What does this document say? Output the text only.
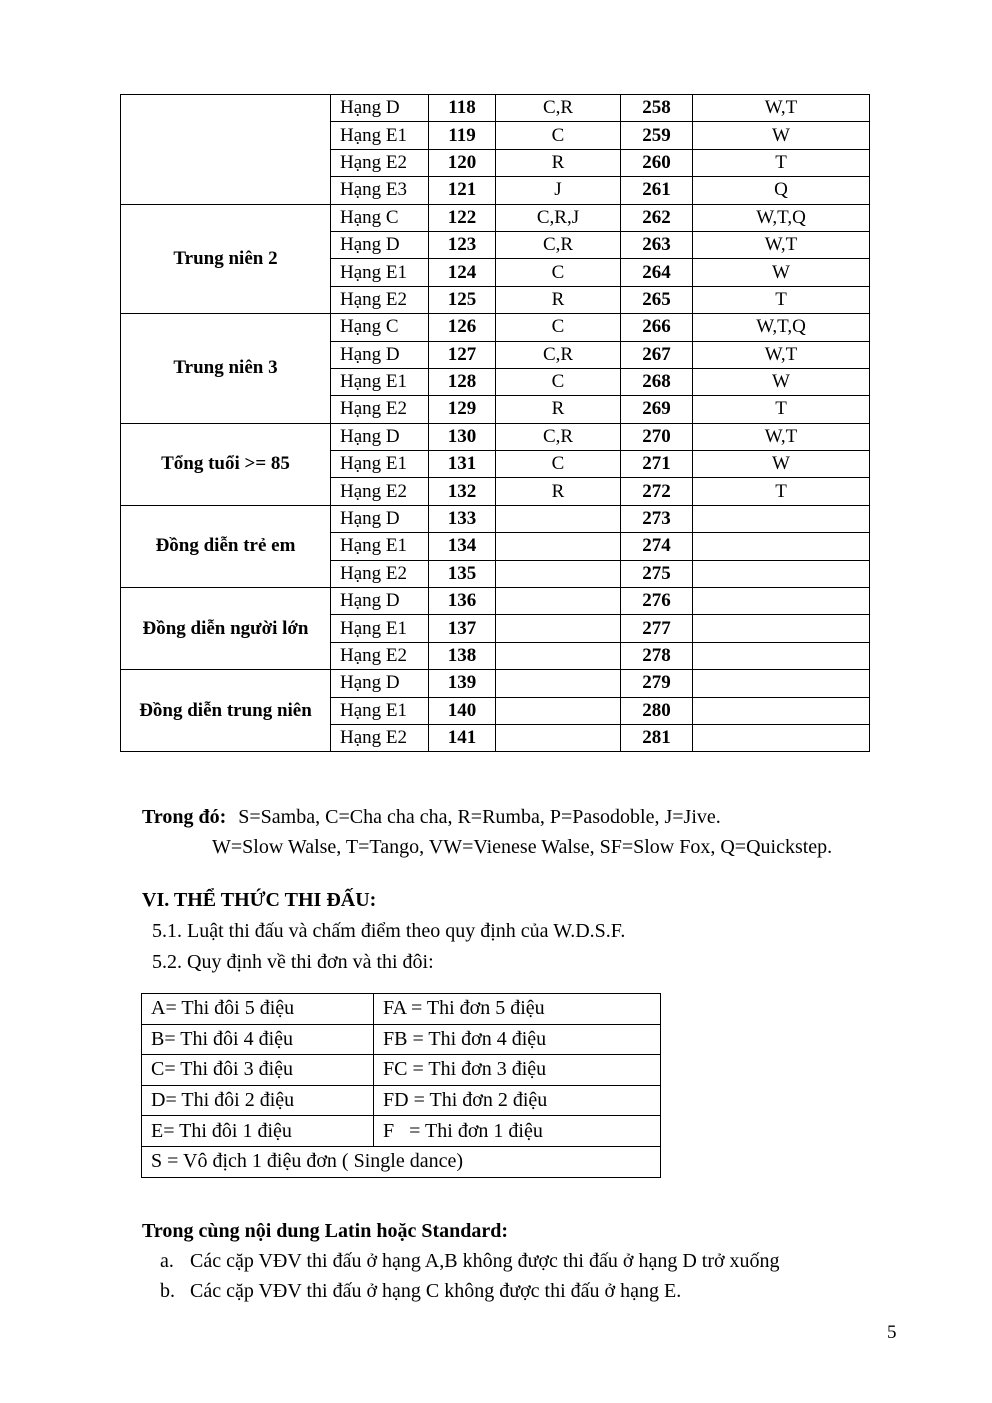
	Hạng D	118	C,R	258	W,T
	Hạng E1	119	C	259	W
	Hạng E2	120	R	260	T
	Hạng E3	121	J	261	Q
Trung niên 2	Hạng C	122	C,R,J	262	W,T,Q
	Hạng D	123	C,R	263	W,T
	Hạng E1	124	C	264	W
	Hạng E2	125	R	265	T
Trung niên 3	Hạng C	126	C	266	W,T,Q
	Hạng D	127	C,R	267	W,T
	Hạng E1	128	C	268	W
	Hạng E2	129	R	269	T
Tổng tuổi >= 85	Hạng D	130	C,R	270	W,T
	Hạng E1	131	C	271	W
	Hạng E2	132	R	272	T
Đồng diễn trẻ em	Hạng D	133		273	
	Hạng E1	134		274	
	Hạng E2	135		275	
Đồng diễn người lớn	Hạng D	136		276	
	Hạng E1	137		277	
	Hạng E2	138		278	
Đồng diễn trung niên	Hạng D	139		279	
	Hạng E1	140		280	
	Hạng E2	141		281	
Trong đó: S=Samba, C=Cha cha cha, R=Rumba, P=Pasodoble, J=Jive.
W=Slow Walse, T=Tango, VW=Vienese Walse, SF=Slow Fox, Q=Quickstep.
VI. THỂ THỨC THI ĐẤU:
5.1. Luật thi đấu và chấm điểm theo quy định của W.D.S.F.
5.2. Quy định về thi đơn và thi đôi:
A= Thi đôi 5 điệu	FA = Thi đơn 5 điệu
B= Thi đôi 4 điệu	FB = Thi đơn 4 điệu
C= Thi đôi 3 điệu	FC = Thi đơn 3 điệu
D= Thi đôi 2 điệu	FD = Thi đơn 2 điệu
E= Thi đôi 1 điệu	F   = Thi đơn 1 điệu
S = Vô địch 1 điệu đơn ( Single dance)	
Trong cùng nội dung Latin hoặc Standard:
a. Các cặp VĐV thi đấu ở hạng A,B không được thi đấu ở hạng D trở xuống
b. Các cặp VĐV thi đấu ở hạng C không được thi đấu ở hạng E.
5
